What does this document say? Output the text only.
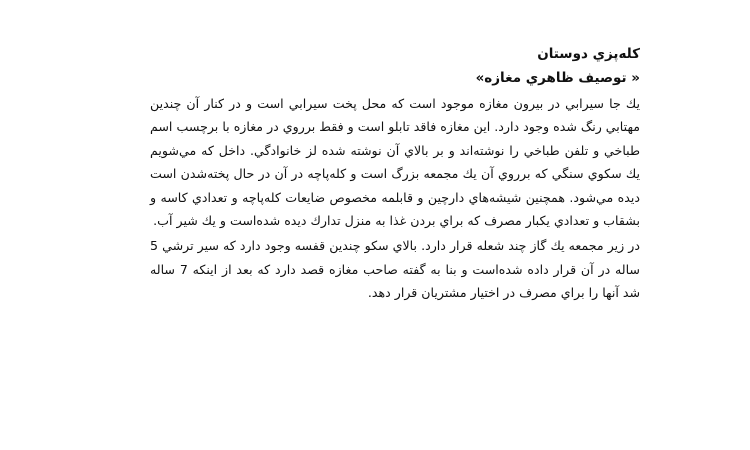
کله‌پزي دوستان

« توصيف ظاهري مغازه»

يك جا سيرابي در بيرون مغازه موجود است كه محل پخت سيرابي است و در كنار آن چندين مهتابي رنگ شده وجود دارد. اين مغازه فاقد تابلو است و فقط برروي در مغازه با برچسب اسم طباخي و تلفن طباخي را نوشته‌اند و بر بالاي آن نوشته شده لز خانوادگي. داخل كه مي‌شويم يك سكوي سنگي كه برروي آن يك مجمعه بزرگ است و كله‌پاچه در آن در حال پخته‌شدن است ديده مي‌شود. همچنين شيشه‌هاي دارچين و قابلمه مخصوص ضايعات كله‌پاچه و تعدادي كاسه و بشقاب و تعدادي يكبار مصرف كه براي بردن غذا به منزل تدارك ديده شده‌است و يك شير آب.

در زير مجمعه يك گاز چند شعله قرار دارد. بالاي سكو چندين قفسه وجود دارد كه سير ترشي 5 ساله در آن قرار داده شده‌است و بنا به گفته صاحب مغازه قصد دارد كه بعد از اينكه 7 ساله شد آنها را براي مصرف در اختيار مشتريان قرار دهد.
